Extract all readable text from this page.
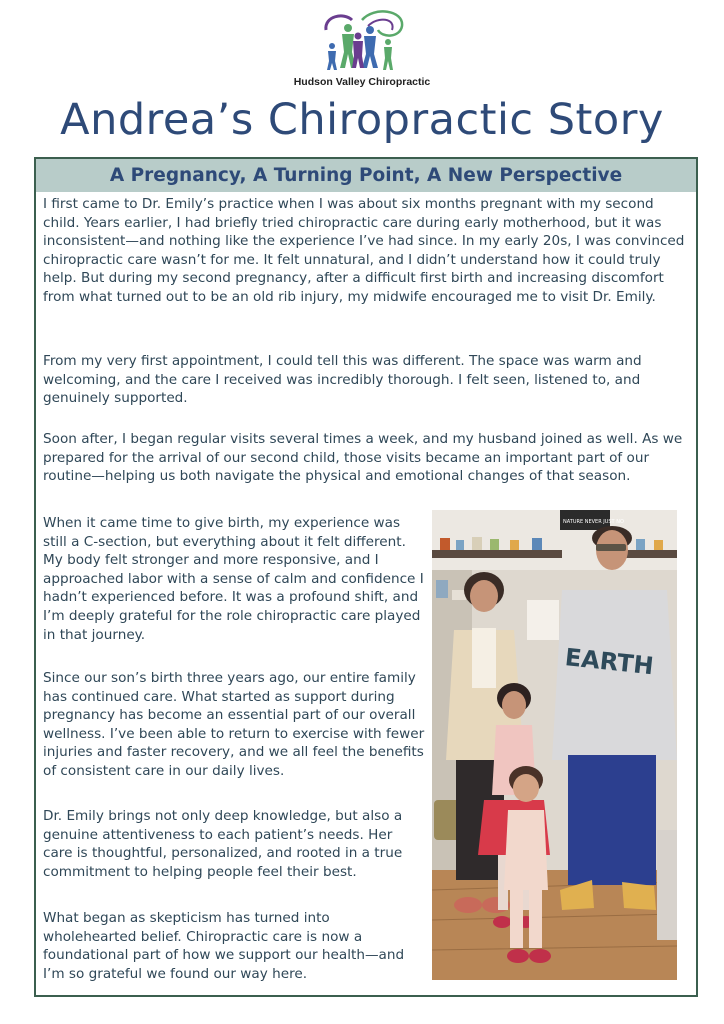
Hudson Valley Chiropractic
Andrea’s Chiropractic Story
A Pregnancy, A Turning Point, A New Perspective

I first came to Dr. Emily’s practice when I was about six months pregnant with my second child. Years earlier, I had briefly tried chiropractic care during early motherhood, but it was inconsistent—and nothing like the experience I’ve had since. In my early 20s, I was convinced chiropractic care wasn’t for me. It felt unnatural, and I didn’t understand how it could truly help. But during my second pregnancy, after a difficult first birth and increasing discomfort from what turned out to be an old rib injury, my midwife encouraged me to visit Dr. Emily.

From my very first appointment, I could tell this was different. The space was warm and welcoming, and the care I received was incredibly thorough. I felt seen, listened to, and genuinely supported.

Soon after, I began regular visits several times a week, and my husband joined as well. As we prepared for the arrival of our second child, those visits became an important part of our routine—helping us both navigate the physical and emotional changes of that season.

When it came time to give birth, my experience was still a C-section, but everything about it felt different. My body felt stronger and more responsive, and I approached labor with a sense of calm and confidence I hadn’t experienced before. It was a profound shift, and I’m deeply grateful for the role chiropractic care played in that journey.

Since our son’s birth three years ago, our entire family has continued care. What started as support during pregnancy has become an essential part of our overall wellness. I’ve been able to return to exercise with fewer injuries and faster recovery, and we all feel the benefits of consistent care in our daily lives.

Dr. Emily brings not only deep knowledge, but also a genuine attentiveness to each patient’s needs. Her care is thoughtful, personalized, and rooted in a true commitment to helping people feel their best.

What began as skepticism has turned into wholehearted belief. Chiropractic care is now a foundational part of how we support our health—and I’m so grateful we found our way here.

NATURE NEVER JUST NO
EARTH
